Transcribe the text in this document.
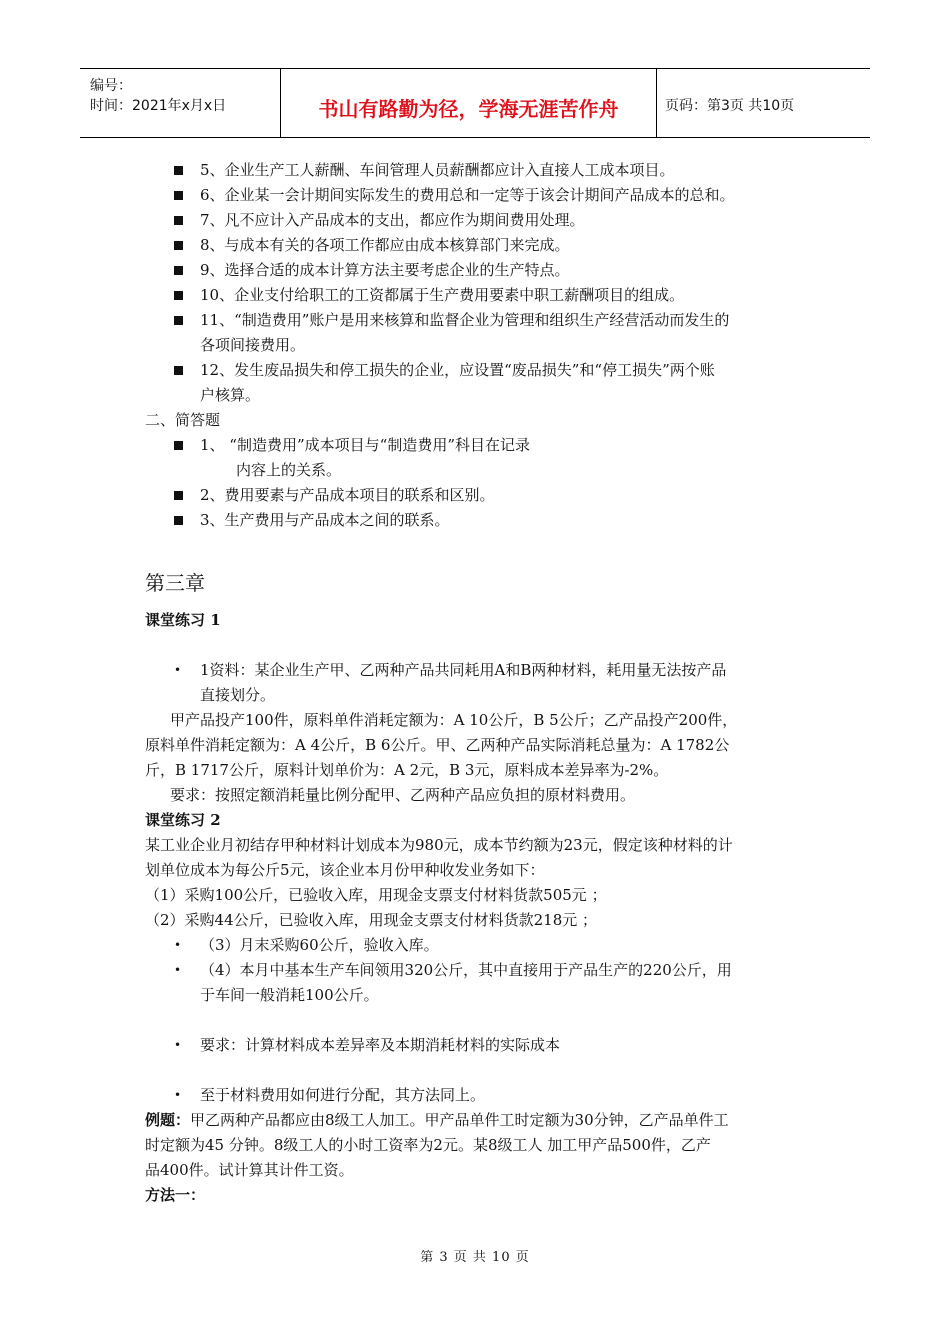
编号：
时间：2021年x月x日	书山有路勤为径，学海无涯苦作舟	页码：第3页 共10页
5、企业生产工人薪酬、车间管理人员薪酬都应计入直接人工成本项目。
6、企业某一会计期间实际发生的费用总和一定等于该会计期间产品成本的总和。
7、凡不应计入产品成本的支出，都应作为期间费用处理。
8、与成本有关的各项工作都应由成本核算部门来完成。
9、选择合适的成本计算方法主要考虑企业的生产特点。
10、企业支付给职工的工资都属于生产费用要素中职工薪酬项目的组成。
11、“制造费用”账户是用来核算和监督企业为管理和组织生产经营活动而发生的
各项间接费用。
12、发生废品损失和停工损失的企业，应设置“废品损失”和“停工损失”两个账
户核算。
二、简答题
1、 “制造费用”成本项目与“制造费用”科目在记录
内容上的关系。
2、费用要素与产品成本项目的联系和区别。
3、生产费用与产品成本之间的联系。
第三章
课堂练习 1
• 1资料：某企业生产甲、乙两种产品共同耗用A和B两种材料，耗用量无法按产品
直接划分。
甲产品投产100件，原料单件消耗定额为：A 10公斤，B 5公斤；乙产品投产200件，
原料单件消耗定额为：A 4公斤，B 6公斤。甲、乙两种产品实际消耗总量为：A 1782公
斤，B 1717公斤，原料计划单价为：A 2元，B 3元，原料成本差异率为-2%。
要求：按照定额消耗量比例分配甲、乙两种产品应负担的原材料费用。
课堂练习 2
某工业企业月初结存甲种材料计划成本为980元，成本节约额为23元，假定该种材料的计
划单位成本为每公斤5元，该企业本月份甲种收发业务如下：
（1）采购100公斤，已验收入库，用现金支票支付材料货款505元 ；
（2）采购44公斤，已验收入库，用现金支票支付材料货款218元 ；
• （3）月末采购60公斤，验收入库。
• （4）本月中基本生产车间领用320公斤，其中直接用于产品生产的220公斤，用
于车间一般消耗100公斤。
• 要求：计算材料成本差异率及本期消耗材料的实际成本
• 至于材料费用如何进行分配，其方法同上。
例题：甲乙两种产品都应由8级工人加工。甲产品单件工时定额为30分钟，乙产品单件工
时定额为45 分钟。8级工人的小时工资率为2元。某8级工人 加工甲产品500件，乙产
品400件。试计算其计件工资。
方法一：
第 3 页 共 10 页
